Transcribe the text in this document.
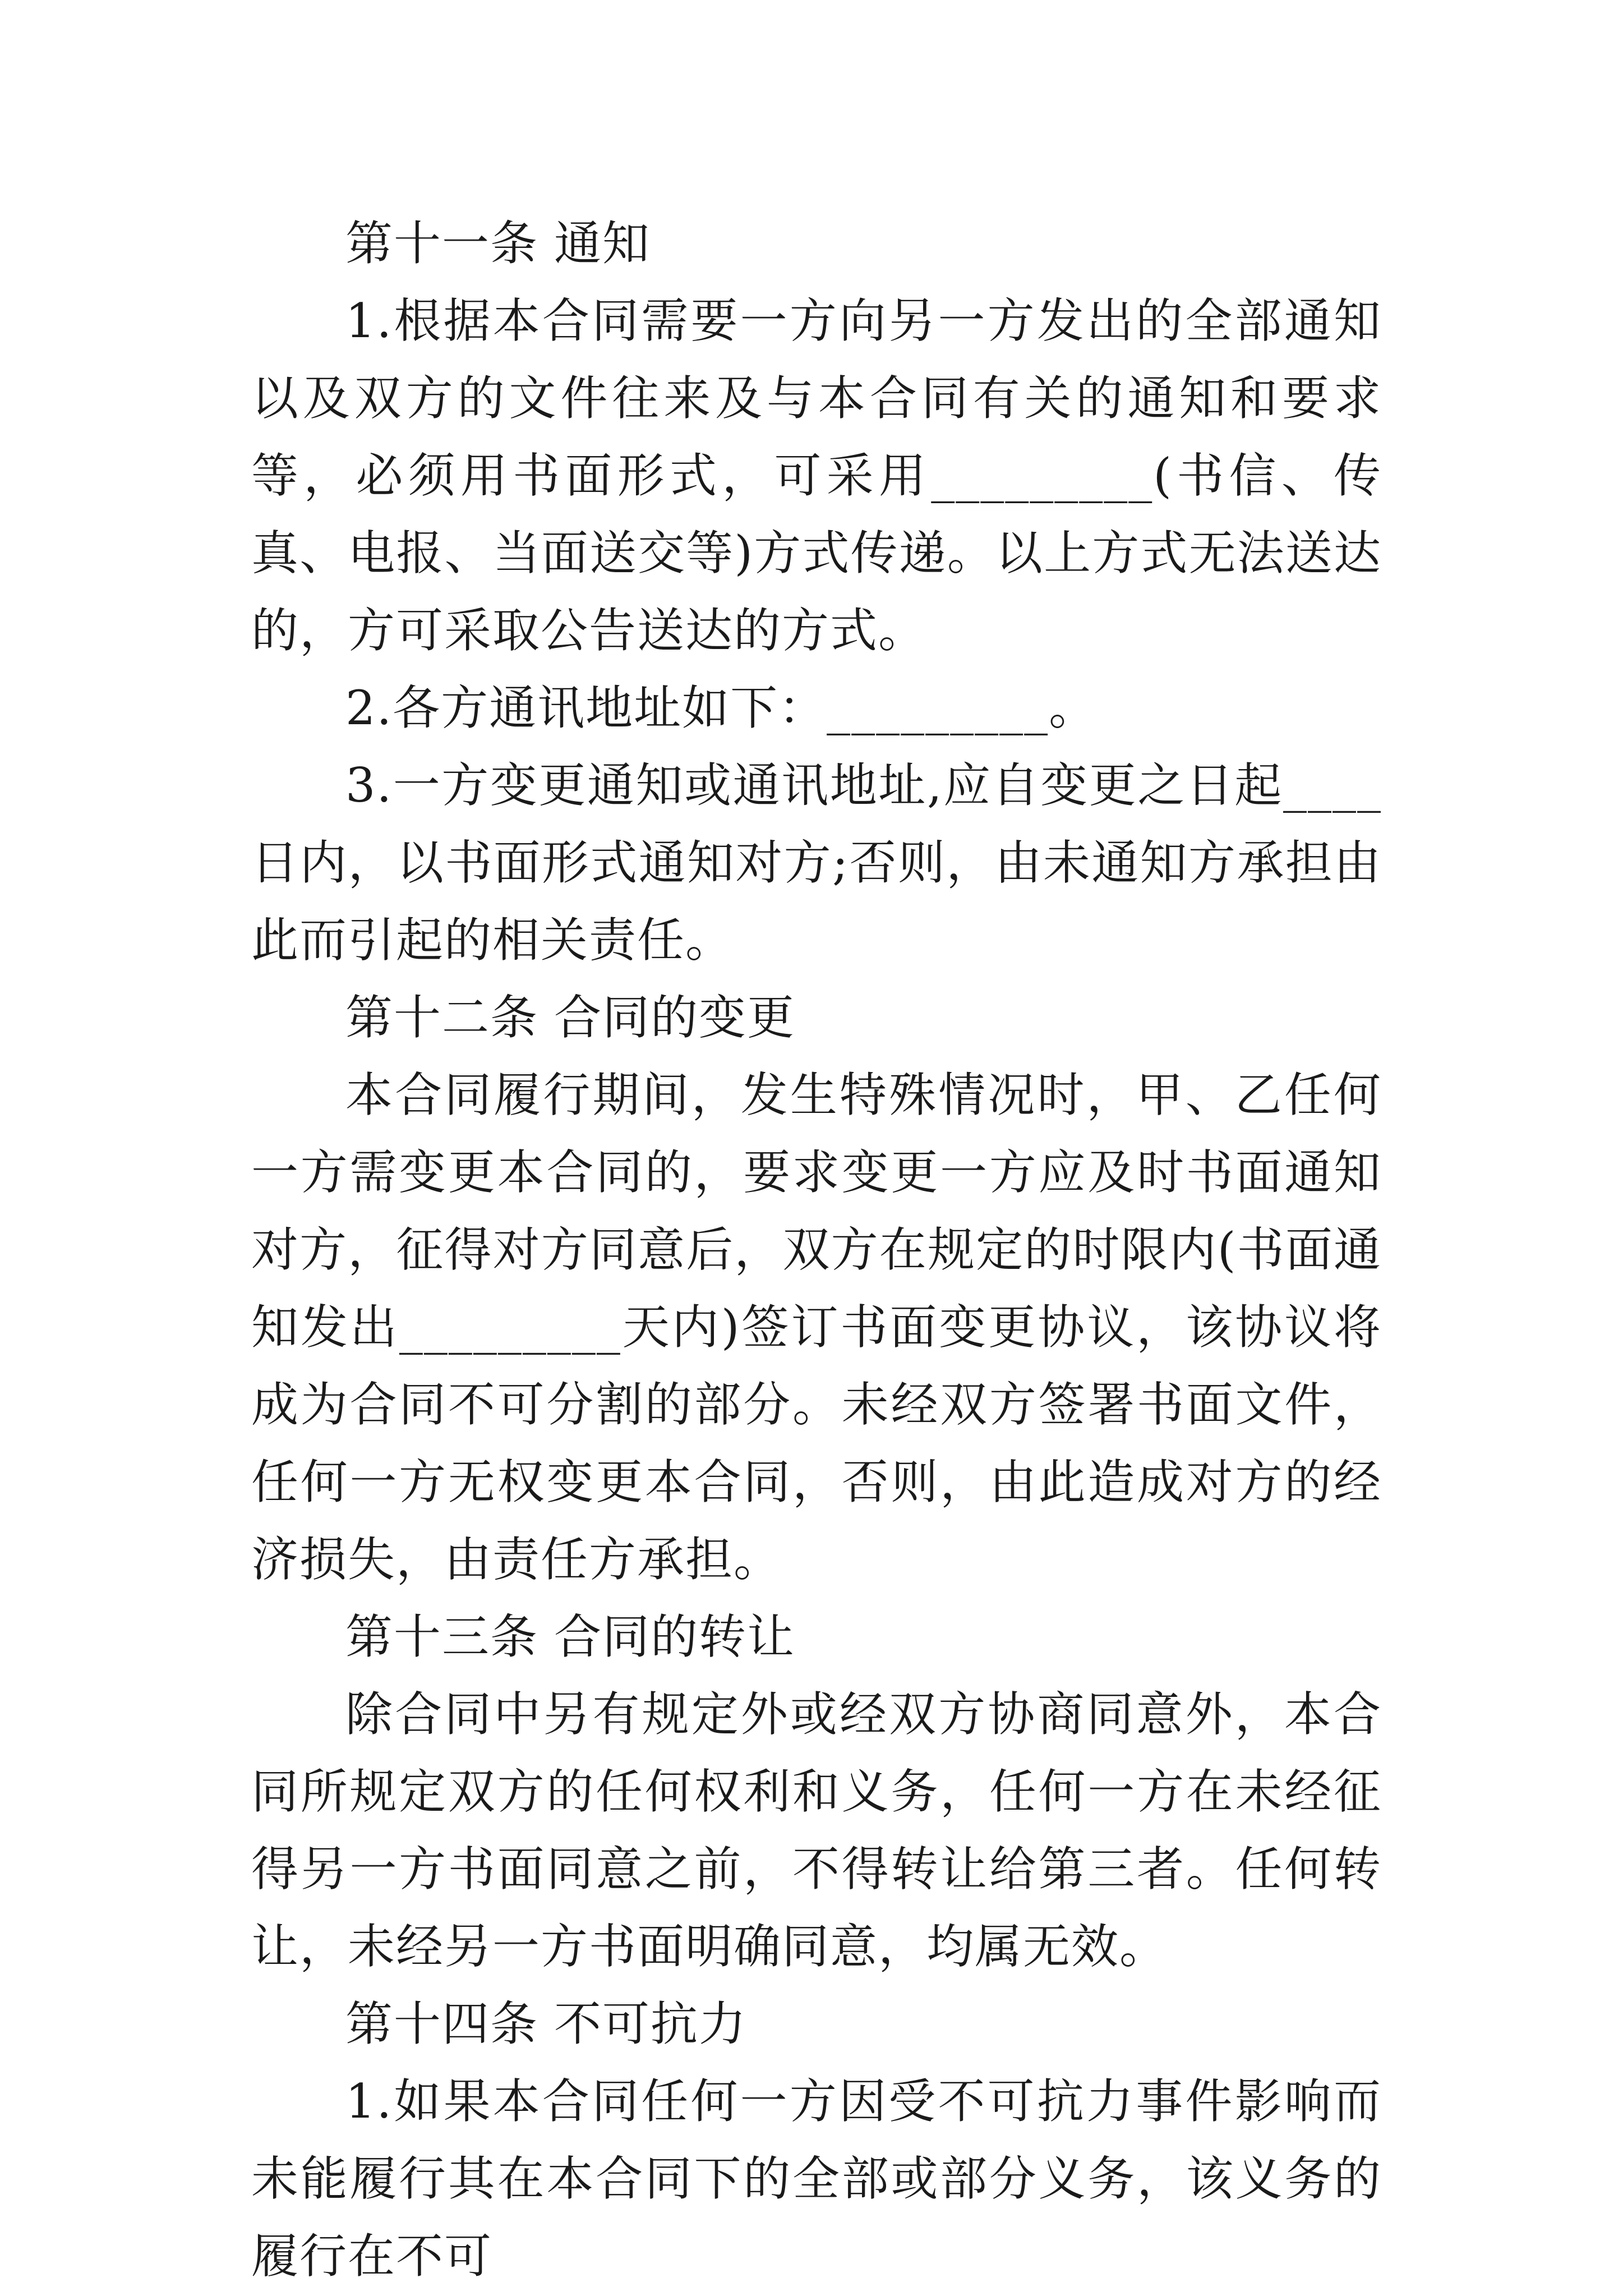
第十一条 通知

1.根据本合同需要一方向另一方发出的全部通知以及双方的文件往来及与本合同有关的通知和要求等，必须用书面形式，可采用_________(书信、传真、电报、当面送交等)方式传递。以上方式无法送达的，方可采取公告送达的方式。

2.各方通讯地址如下：_________。

3.一方变更通知或通讯地址,应自变更之日起____日内，以书面形式通知对方;否则，由未通知方承担由此而引起的相关责任。

第十二条 合同的变更

本合同履行期间，发生特殊情况时，甲、乙任何一方需变更本合同的，要求变更一方应及时书面通知对方，征得对方同意后，双方在规定的时限内(书面通知发出_________天内)签订书面变更协议，该协议将成为合同不可分割的部分。未经双方签署书面文件，任何一方无权变更本合同，否则，由此造成对方的经济损失，由责任方承担。

第十三条 合同的转让

除合同中另有规定外或经双方协商同意外，本合同所规定双方的任何权利和义务，任何一方在未经征得另一方书面同意之前，不得转让给第三者。任何转让，未经另一方书面明确同意，均属无效。

第十四条 不可抗力

1.如果本合同任何一方因受不可抗力事件影响而未能履行其在本合同下的全部或部分义务，该义务的履行在不可
